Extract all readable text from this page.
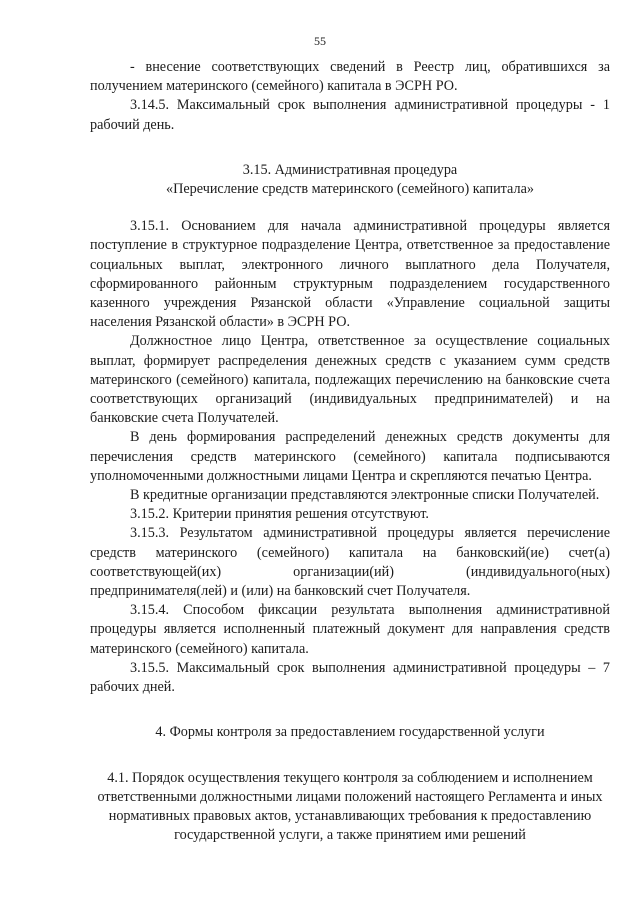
55

- внесение соответствующих сведений в Реестр лиц, обратившихся за получением материнского (семейного) капитала в ЭСРН РО.

3.14.5. Максимальный срок выполнения административной процедуры - 1 рабочий день.

3.15. Административная процедура

«Перечисление средств материнского (семейного) капитала»

3.15.1. Основанием для начала административной процедуры является поступление в структурное подразделение Центра, ответственное за предоставление социальных выплат, электронного личного выплатного дела Получателя, сформированного районным структурным подразделением государственного казенного учреждения Рязанской области «Управление социальной защиты населения Рязанской области» в ЭСРН РО.

Должностное лицо Центра, ответственное за осуществление социальных выплат, формирует распределения денежных средств с указанием сумм средств материнского (семейного) капитала, подлежащих перечислению на банковские счета соответствующих организаций (индивидуальных предпринимателей) и на банковские счета Получателей.

В день формирования распределений денежных средств документы для перечисления средств материнского (семейного) капитала подписываются уполномоченными должностными лицами Центра и скрепляются печатью Центра.

В кредитные организации представляются электронные списки Получателей.

3.15.2. Критерии принятия решения отсутствуют.

3.15.3. Результатом административной процедуры является перечисление средств материнского (семейного) капитала на банковский(ие) счет(а) соответствующей(их) организации(ий) (индивидуального(ных) предпринимателя(лей) и (или) на банковский счет Получателя.

3.15.4. Способом фиксации результата выполнения административной процедуры является исполненный платежный документ для направления средств материнского (семейного) капитала.

3.15.5. Максимальный срок выполнения административной процедуры – 7 рабочих дней.

4. Формы контроля за предоставлением государственной услуги

4.1. Порядок осуществления текущего контроля за соблюдением и исполнением ответственными должностными лицами положений настоящего Регламента и иных нормативных правовых актов, устанавливающих требования к предоставлению государственной услуги, а также принятием ими решений
